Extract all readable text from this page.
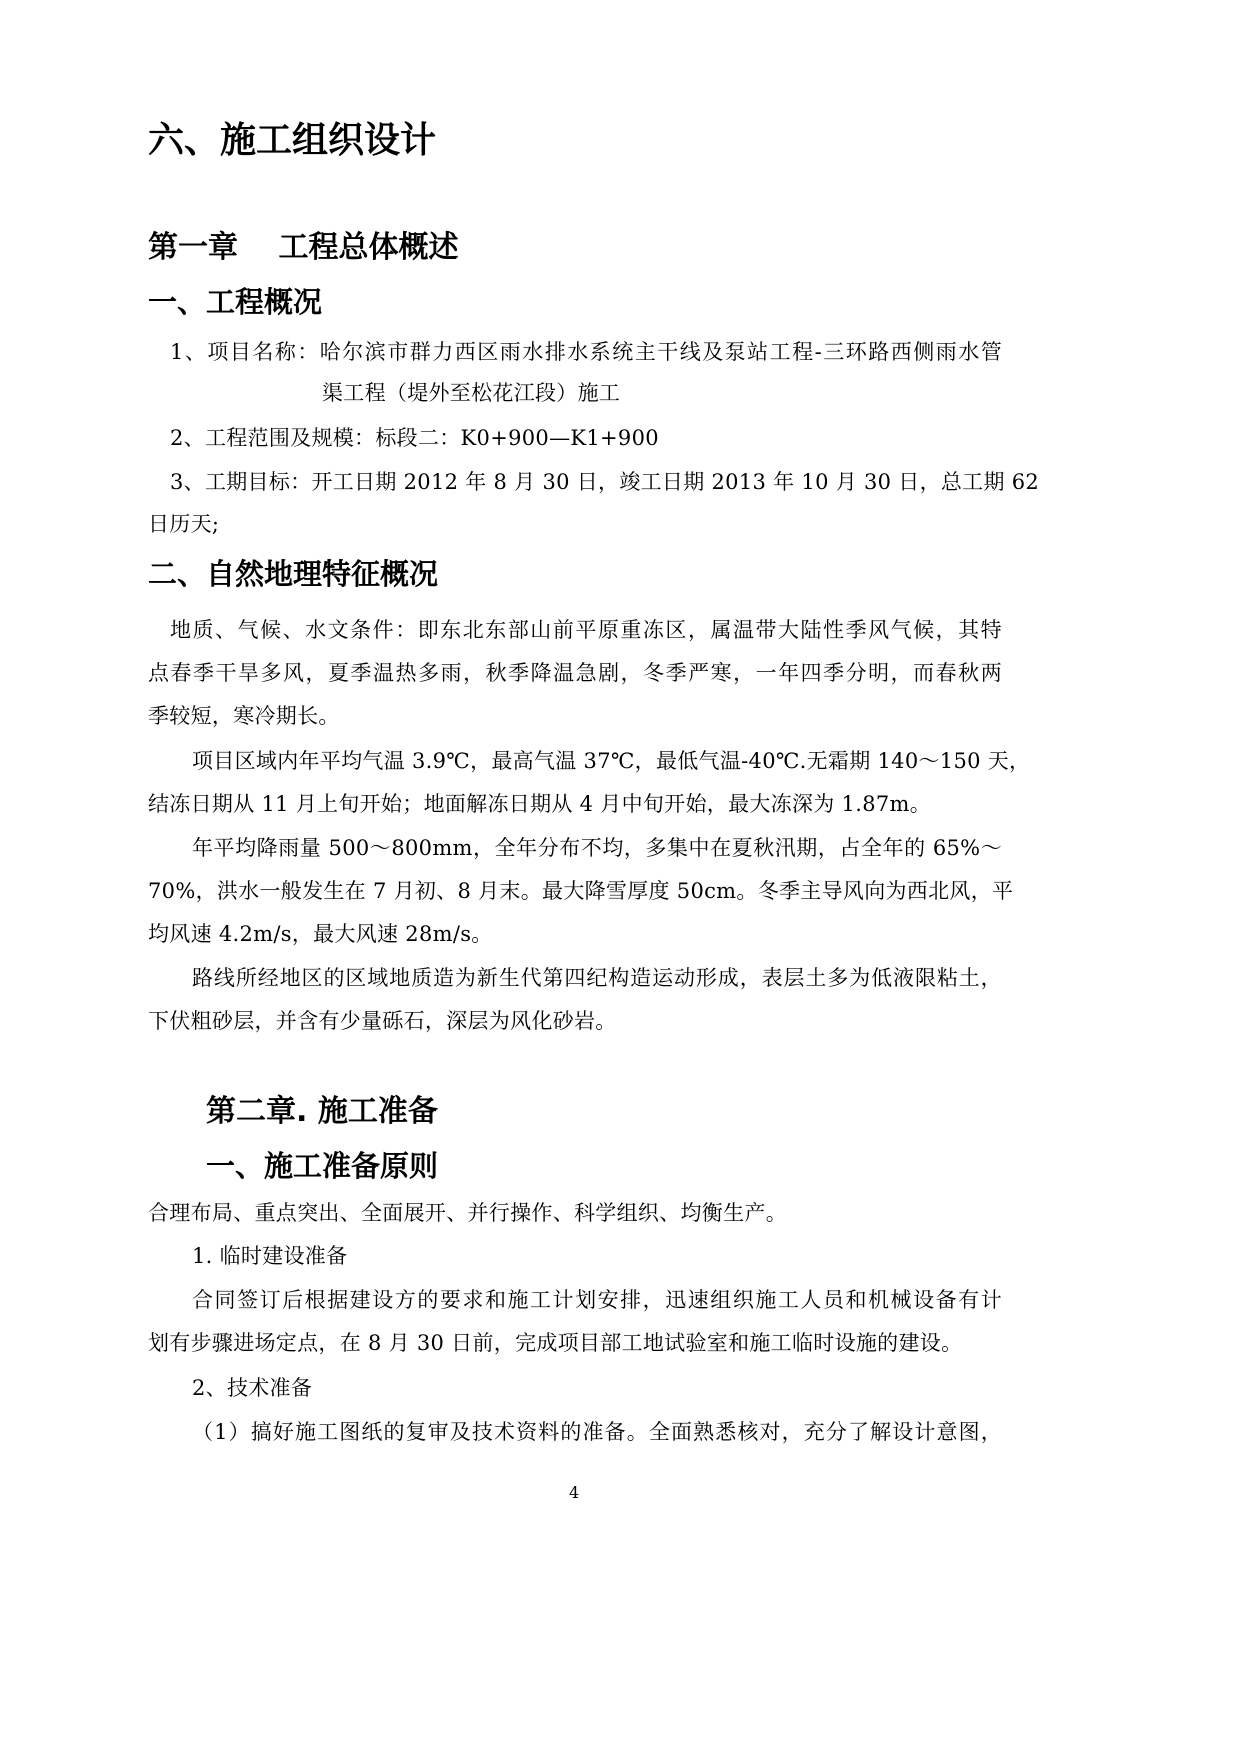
六、施工组织设计
第一章　 工程总体概述
一、工程概况
1、项目名称：哈尔滨市群力西区雨水排水系统主干线及泵站工程-三环路西侧雨水管
渠工程（堤外至松花江段）施工
2、工程范围及规模：标段二：K0+900—K1+900
3、工期目标：开工日期 2012 年 8 月 30 日，竣工日期 2013 年 10 月 30 日，总工期 62
日历天;
二、自然地理特征概况
地质、气候、水文条件：即东北东部山前平原重冻区，属温带大陆性季风气候，其特
点春季干旱多风，夏季温热多雨，秋季降温急剧，冬季严寒，一年四季分明，而春秋两
季较短，寒冷期长。
项目区域内年平均气温 3.9℃，最高气温 37℃，最低气温-40℃.无霜期 140～150 天，
结冻日期从 11 月上旬开始；地面解冻日期从 4 月中旬开始，最大冻深为 1.87m。
年平均降雨量 500～800mm，全年分布不均，多集中在夏秋汛期，占全年的 65%～
70%，洪水一般发生在 7 月初、8 月末。最大降雪厚度 50cm。冬季主导风向为西北风，平
均风速 4.2m/s，最大风速 28m/s。
路线所经地区的区域地质造为新生代第四纪构造运动形成，表层土多为低液限粘土，
下伏粗砂层，并含有少量砾石，深层为风化砂岩。
第二章. 施工准备
一、施工准备原则
合理布局、重点突出、全面展开、并行操作、科学组织、均衡生产。
1. 临时建设准备
合同签订后根据建设方的要求和施工计划安排，迅速组织施工人员和机械设备有计
划有步骤进场定点，在 8 月 30 日前，完成项目部工地试验室和施工临时设施的建设。
2、技术准备
（1）搞好施工图纸的复审及技术资料的准备。全面熟悉核对，充分了解设计意图，
4
